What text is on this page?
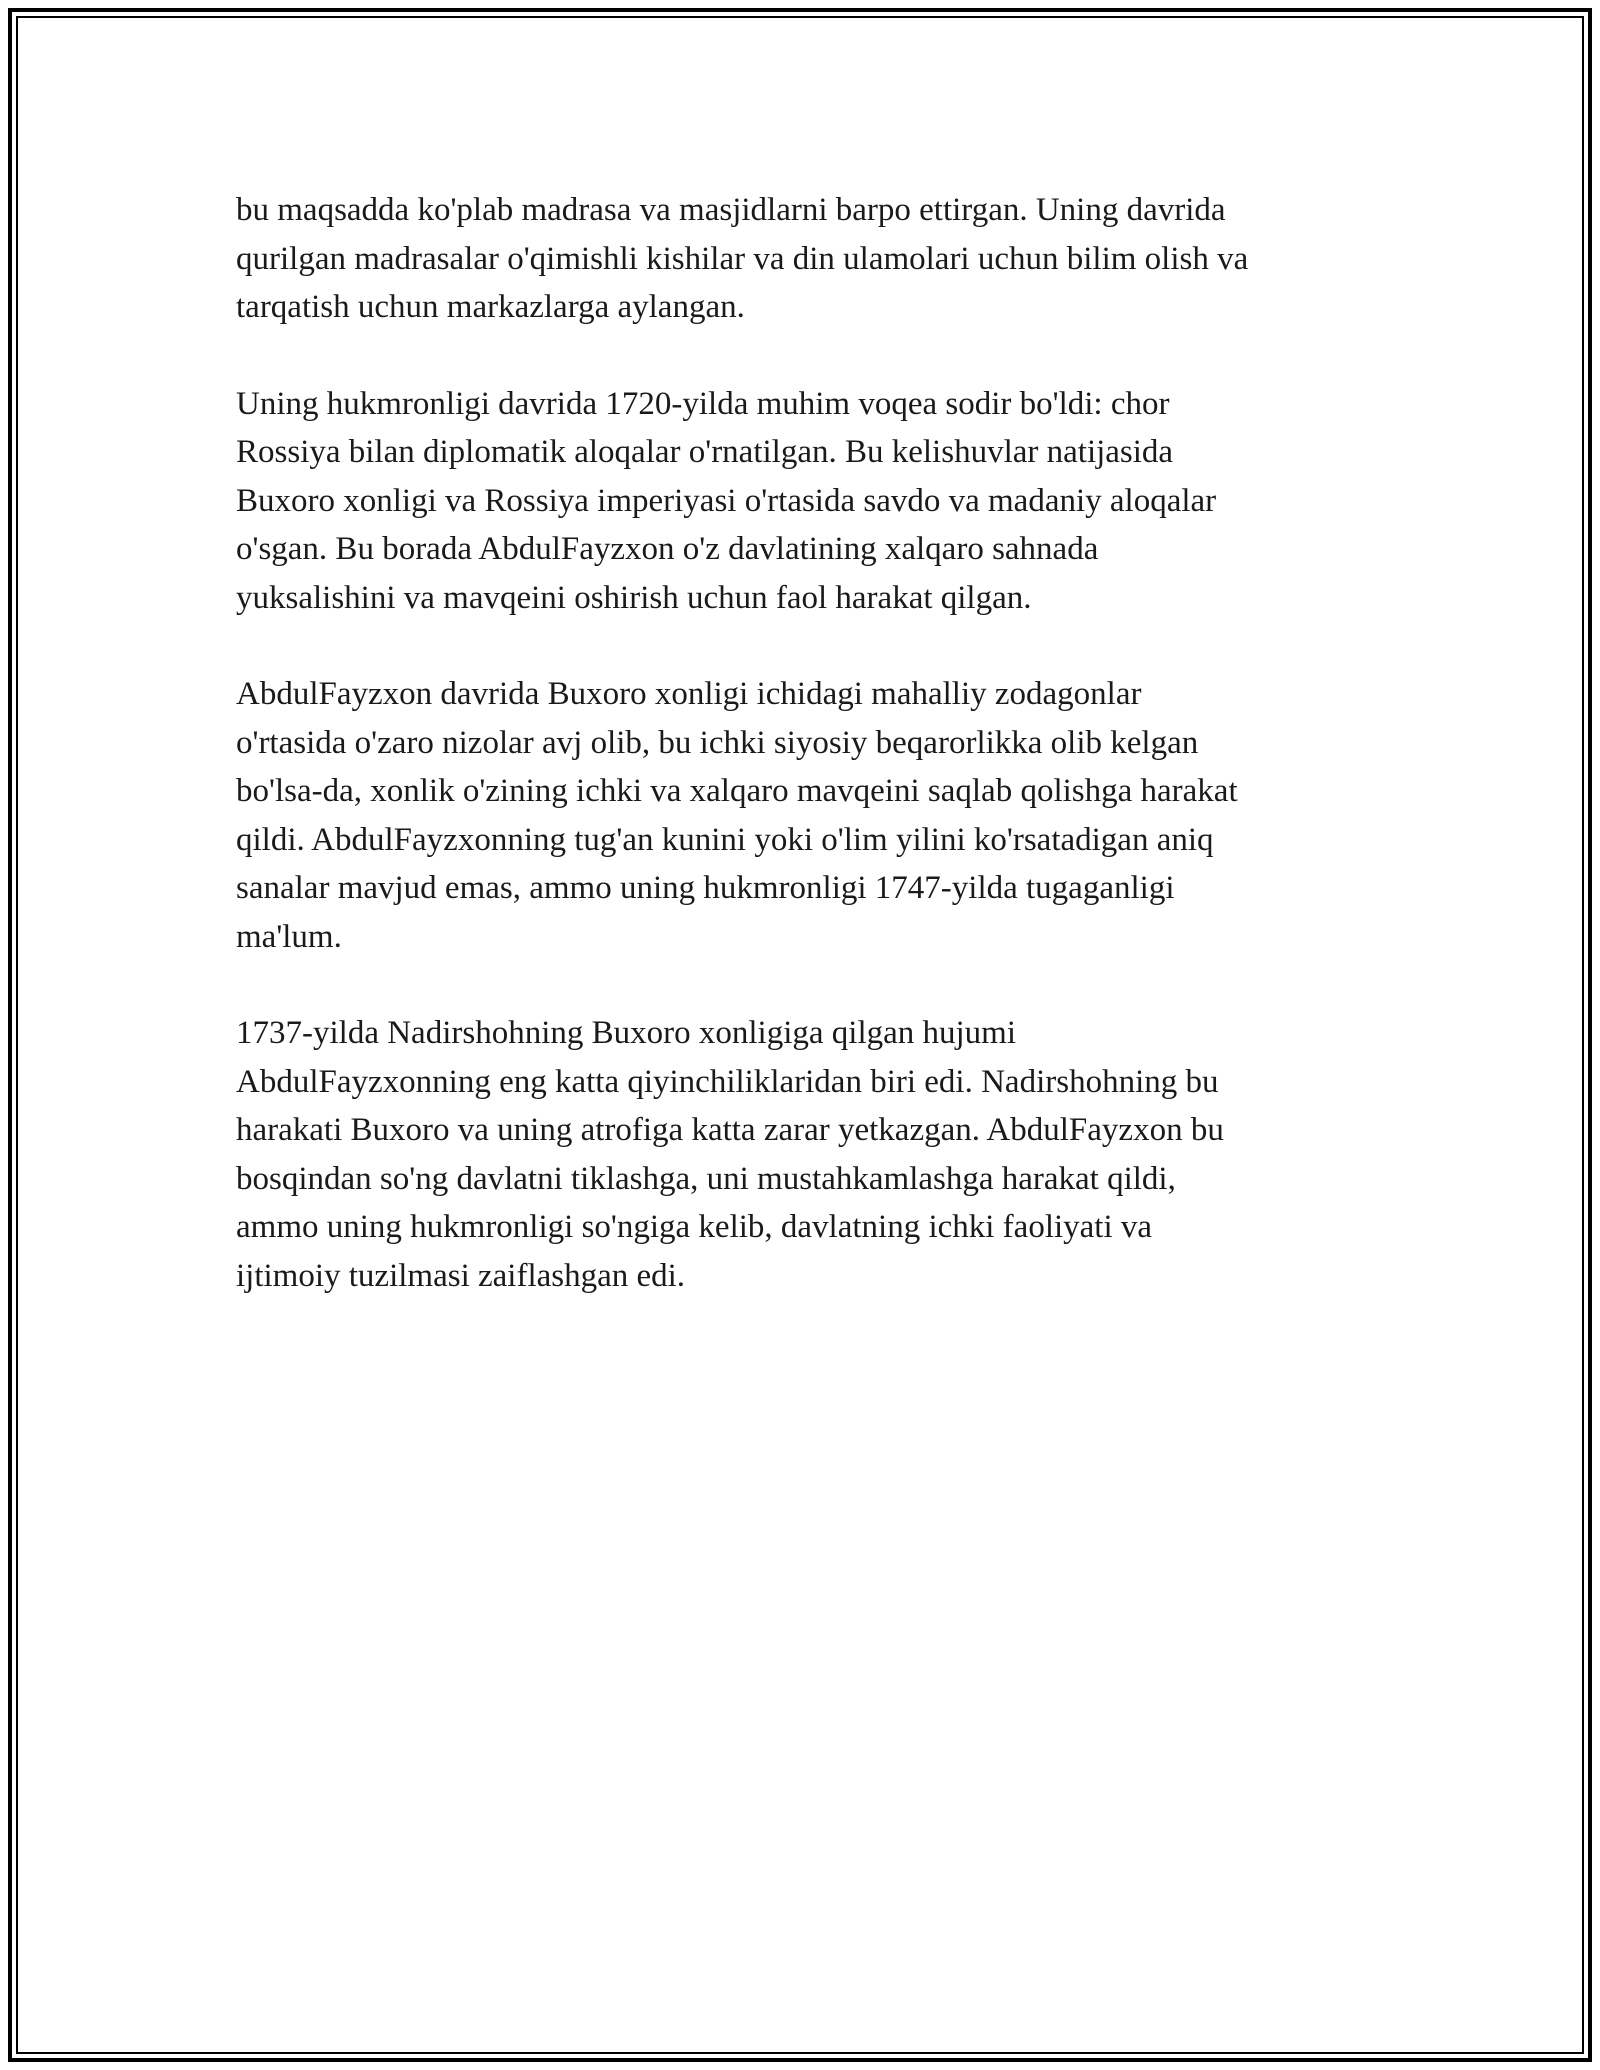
bu maqsadda ko'plab madrasa va masjidlarni barpo ettirgan. Uning davrida
qurilgan madrasalar o'qimishli kishilar va din ulamolari uchun bilim olish va
tarqatish uchun markazlarga aylangan.

Uning hukmronligi davrida 1720-yilda muhim voqea sodir bo'ldi: chor
Rossiya bilan diplomatik aloqalar o'rnatilgan. Bu kelishuvlar natijasida
Buxoro xonligi va Rossiya imperiyasi o'rtasida savdo va madaniy aloqalar
o'sgan. Bu borada AbdulFayzxon o'z davlatining xalqaro sahnada
yuksalishini va mavqeini oshirish uchun faol harakat qilgan.

AbdulFayzxon davrida Buxoro xonligi ichidagi mahalliy zodagonlar
o'rtasida o'zaro nizolar avj olib, bu ichki siyosiy beqarorlikka olib kelgan
bo'lsa-da, xonlik o'zining ichki va xalqaro mavqeini saqlab qolishga harakat
qildi. AbdulFayzxonning tug'an kunini yoki o'lim yilini ko'rsatadigan aniq
sanalar mavjud emas, ammo uning hukmronligi 1747-yilda tugaganligi
ma'lum.

1737-yilda Nadirshohning Buxoro xonligiga qilgan hujumi
AbdulFayzxonning eng katta qiyinchiliklaridan biri edi. Nadirshohning bu
harakati Buxoro va uning atrofiga katta zarar yetkazgan. AbdulFayzxon bu
bosqindan so'ng davlatni tiklashga, uni mustahkamlashga harakat qildi,
ammo uning hukmronligi so'ngiga kelib, davlatning ichki faoliyati va
ijtimoiy tuzilmasi zaiflashgan edi.
